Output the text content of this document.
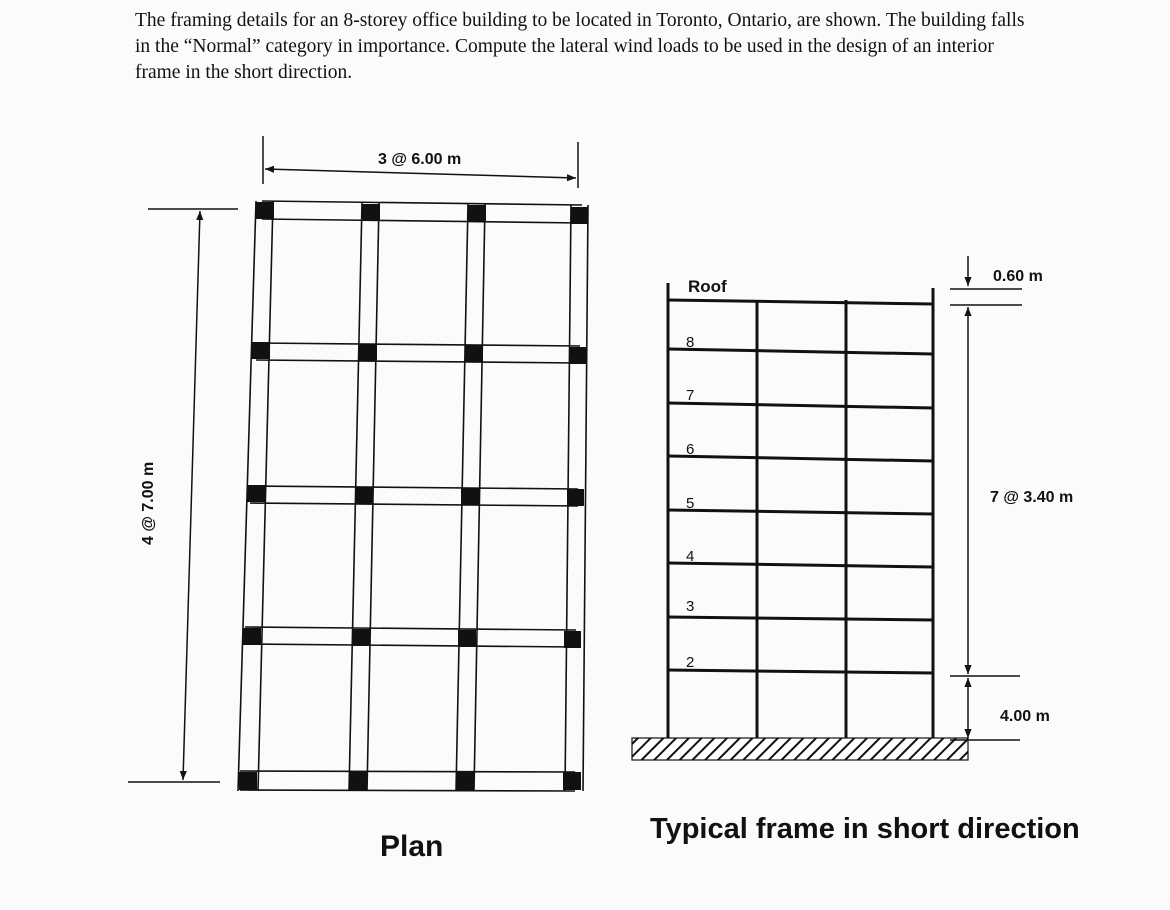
The framing details for an 8-storey office building to be located in Toronto, Ontario, are shown. The building falls in the “Normal” category in importance. Compute the lateral wind loads to be used in the design of an interior frame in the short direction.

3 @ 6.00 m
4 @ 7.00 m
Plan
Roof
8
7
6
5
4
3
2
0.60 m
7 @ 3.40 m
4.00 m
Typical frame in short direction
